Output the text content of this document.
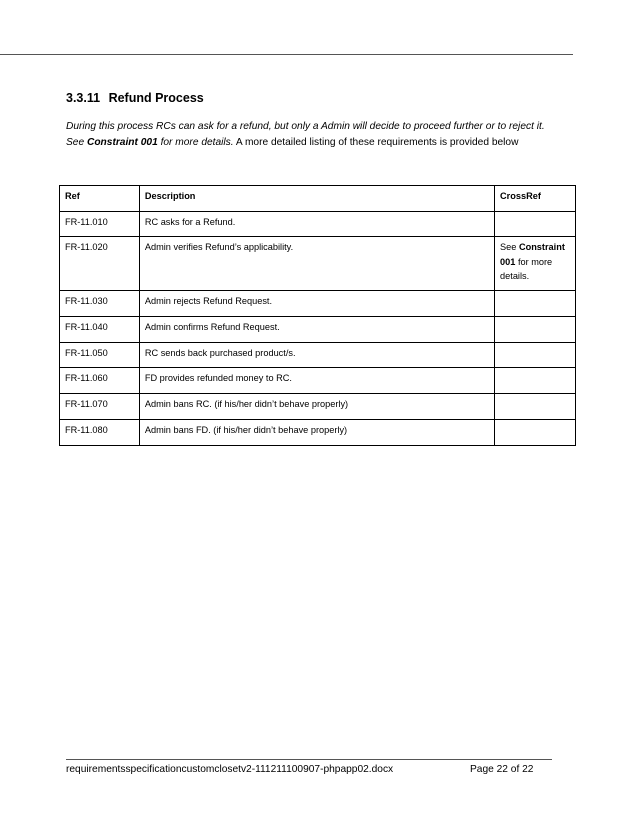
3.3.11 Refund Process
During this process RCs can ask for a refund, but only a Admin will decide to proceed further or to reject it.
See Constraint 001 for more details. A more detailed listing of these requirements is provided below
Ref	Description	CrossRef
FR-11.010	RC asks for a Refund.	
FR-11.020	Admin verifies Refund’s applicability.	See Constraint
001 for more
details.
FR-11.030	Admin rejects Refund Request.	
FR-11.040	Admin confirms Refund Request.	
FR-11.050	RC sends back purchased product/s.	
FR-11.060	FD provides refunded money to RC.	
FR-11.070	Admin bans RC. (if his/her didn’t behave properly)	
FR-11.080	Admin bans FD. (if his/her didn’t behave properly)	
requirementsspecificationcustomclosetv2-111211100907-phpapp02.docx	Page 22 of 22
